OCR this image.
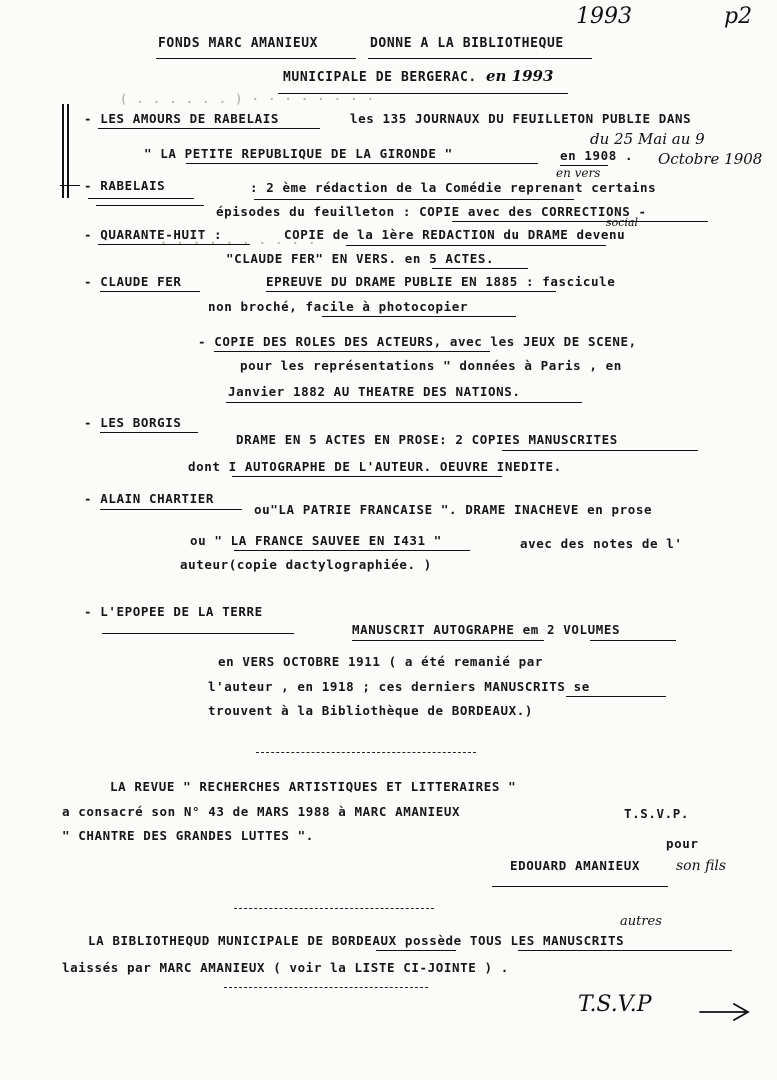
( . . . . . . ) · · · · · · · ·
· · · · · · · · · ·
1993	p2
FONDS MARC AMANIEUX	DONNE A LA BIBLIOTHEQUE
MUNICIPALE DE BERGERAC. en 1993
- LES AMOURS DE RABELAIS	les 135 JOURNAUX DU FEUILLETON PUBLIE DANS
" LA PETITE REPUBLIQUE DE LA GIRONDE "	en 1908 .
du 25 Mai au 9
Octobre 1908
- RABELAIS	: 2 ème rédaction de la Comédie reprenant certains
en vers
épisodes du feuilleton : COPIE avec des CORRECTIONS -
- QUARANTE-HUIT :	COPIE de la 1ère REDACTION du DRAME devenu
social
"CLAUDE FER" EN VERS. en 5 ACTES.
- CLAUDE FER	EPREUVE DU DRAME PUBLIE EN 1885 : fascicule
non broché, facile à photocopier
- COPIE DES ROLES DES ACTEURS, avec les JEUX DE SCENE,
pour les représentations " données à Paris , en
Janvier 1882 AU THEATRE DES NATIONS.
- LES BORGIS
DRAME EN 5 ACTES EN PROSE: 2 COPIES MANUSCRITES
dont I AUTOGRAPHE DE L'AUTEUR. OEUVRE INEDITE.
- ALAIN CHARTIER
ou"LA PATRIE FRANCAISE ". DRAME INACHEVE en prose
ou " LA FRANCE SAUVEE EN I431 "	avec des notes de l'
auteur(copie dactylographiée. )
- L'EPOPEE DE LA TERRE
MANUSCRIT AUTOGRAPHE em 2 VOLUMES
en VERS OCTOBRE 1911 ( a été remanié par
l'auteur , en 1918 ; ces derniers MANUSCRITS se
trouvent à la Bibliothèque de BORDEAUX.)
LA REVUE " RECHERCHES ARTISTIQUES ET LITTERAIRES "
a consacré son N° 43 de MARS 1988 à MARC AMANIEUX	T.S.V.P.
" CHANTRE DES GRANDES LUTTES ".
pour
EDOUARD AMANIEUX	son fils
autres
LA BIBLIOTHEQUD MUNICIPALE DE BORDEAUX possède TOUS LES MANUSCRITS
laissés par MARC AMANIEUX ( voir la LISTE CI-JOINTE ) .
T.S.V.P
